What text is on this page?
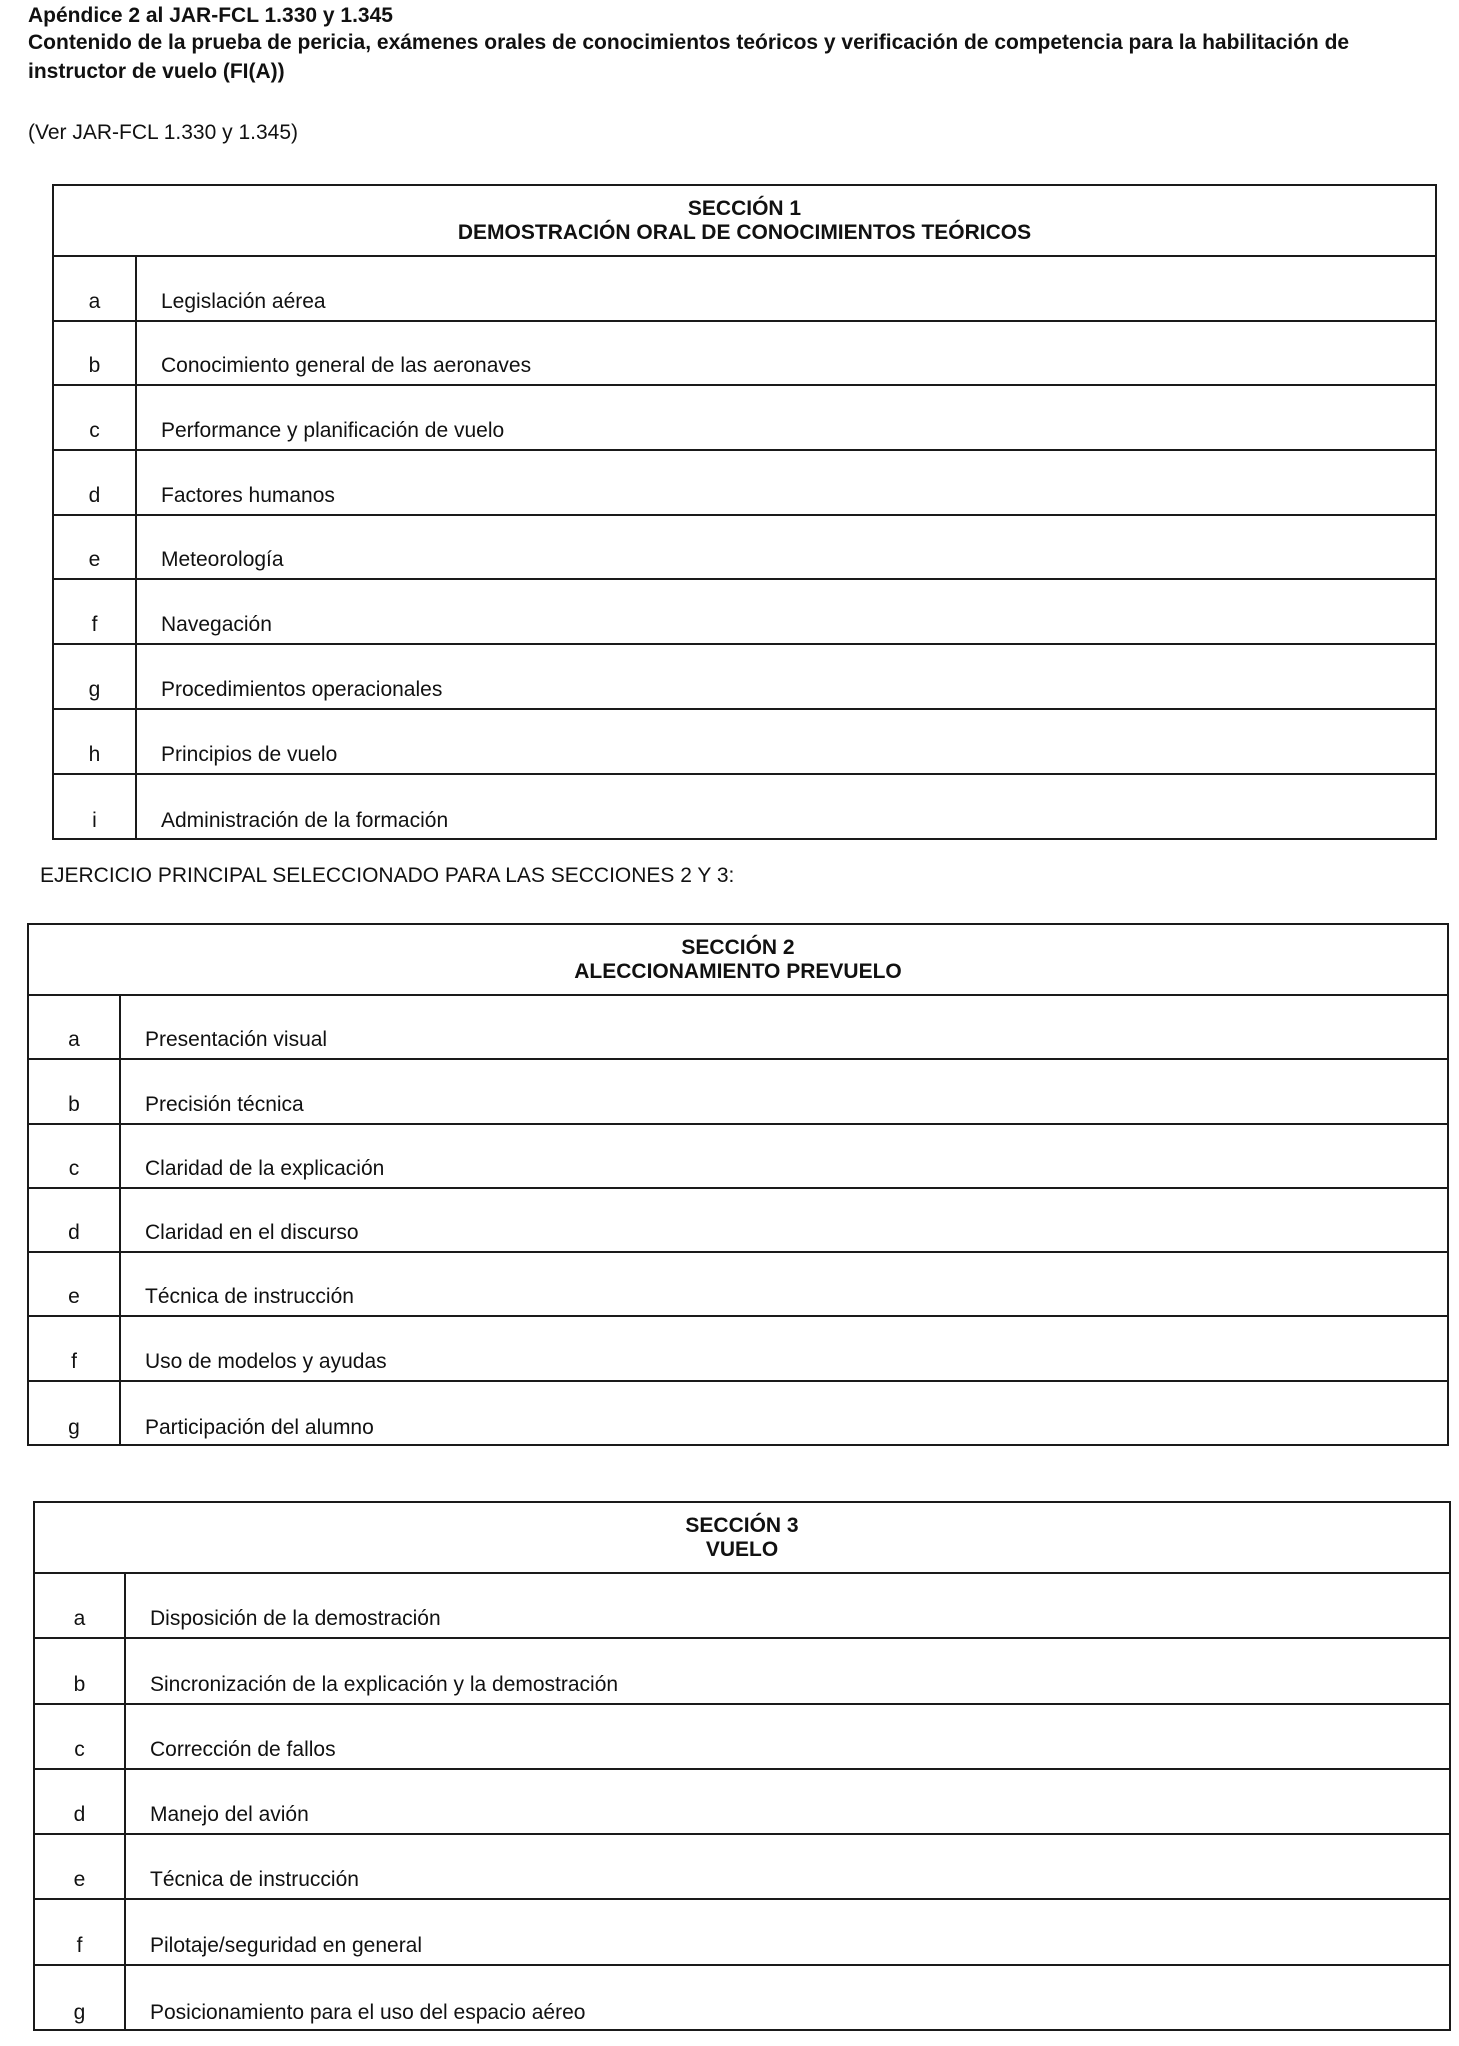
Apéndice 2 al JAR-FCL 1.330 y 1.345
Contenido de la prueba de pericia, exámenes orales de conocimientos teóricos y verificación de competencia para la habilitación de instructor de vuelo (FI(A))
(Ver JAR-FCL 1.330 y 1.345)
SECCIÓN 1
DEMOSTRACIÓN ORAL DE CONOCIMIENTOS TEÓRICOS
a	Legislación aérea
b	Conocimiento general de las aeronaves
c	Performance y planificación de vuelo
d	Factores humanos
e	Meteorología
f	Navegación
g	Procedimientos operacionales
h	Principios de vuelo
i	Administración de la formación
EJERCICIO PRINCIPAL SELECCIONADO PARA LAS SECCIONES 2 Y 3:
SECCIÓN 2
ALECCIONAMIENTO PREVUELO
a	Presentación visual
b	Precisión técnica
c	Claridad de la explicación
d	Claridad en el discurso
e	Técnica de instrucción
f	Uso de modelos y ayudas
g	Participación del alumno
SECCIÓN 3
VUELO
a	Disposición de la demostración
b	Sincronización de la explicación y la demostración
c	Corrección de fallos
d	Manejo del avión
e	Técnica de instrucción
f	Pilotaje/seguridad en general
g	Posicionamiento para el uso del espacio aéreo
